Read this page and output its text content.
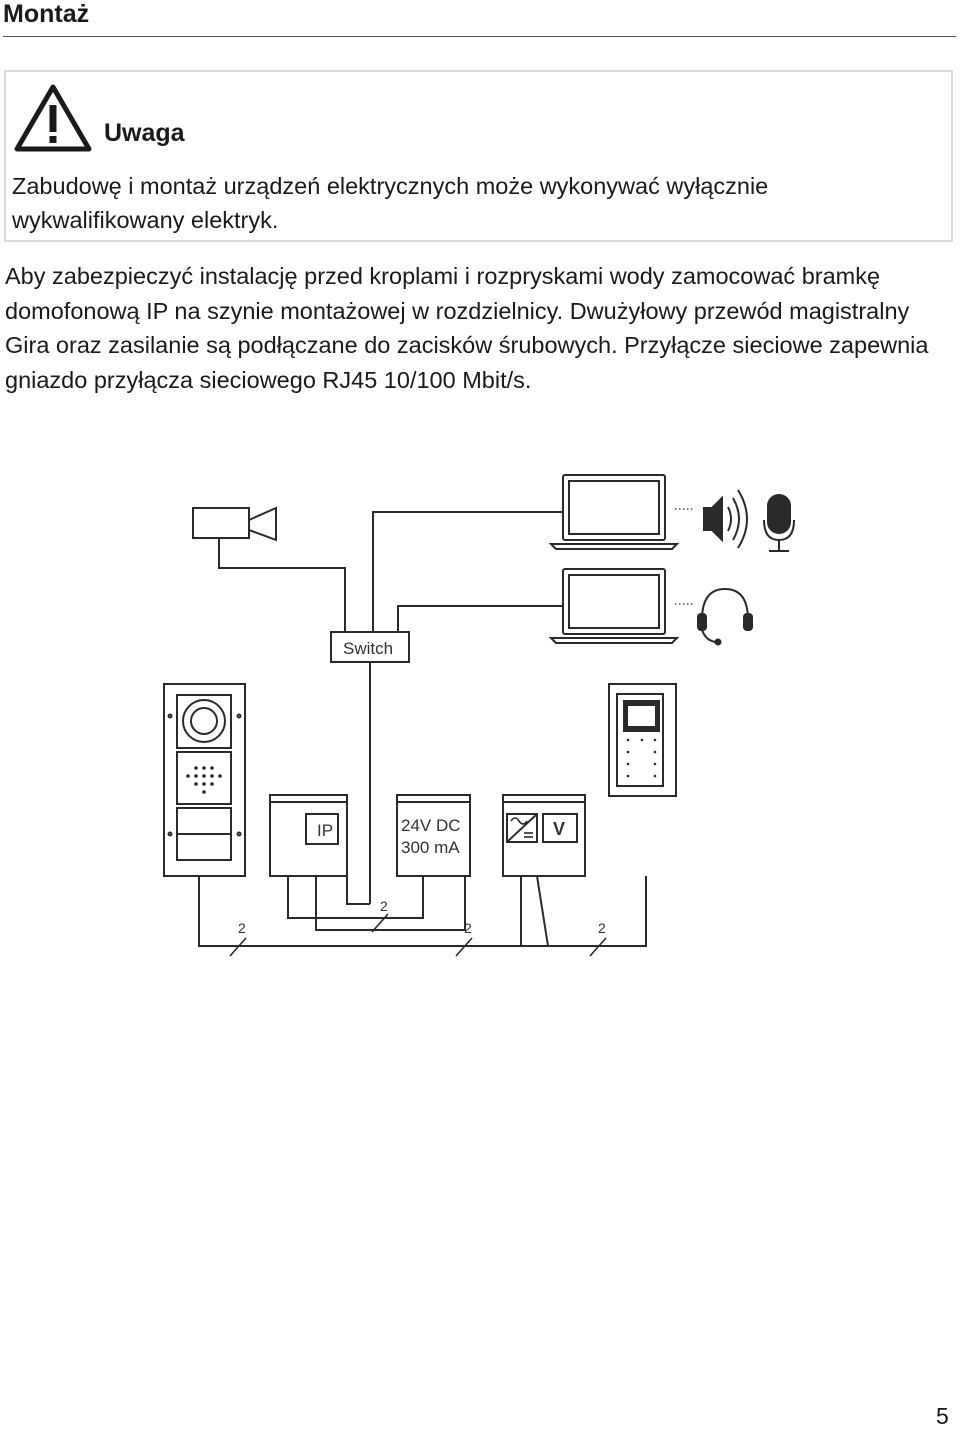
Montaż
Uwaga
Zabudowę i montaż urządzeń elektrycznych może wykonywać wyłącznie wykwalifikowany elektryk.
Aby zabezpieczyć instalację przed kroplami i rozpryskami wody zamocować bramkę domofonową IP na szynie montażowej w rozdzielnicy. Dwużyłowy przewód magistralny Gira oraz zasilanie są podłączane do zacisków śrubowych. Przyłącze sieciowe zapewnia gniazdo przyłącza sieciowego RJ45 10/100 Mbit/s.
Switch
IP	24V DC
300 mA
V
2
2
2	2
5
